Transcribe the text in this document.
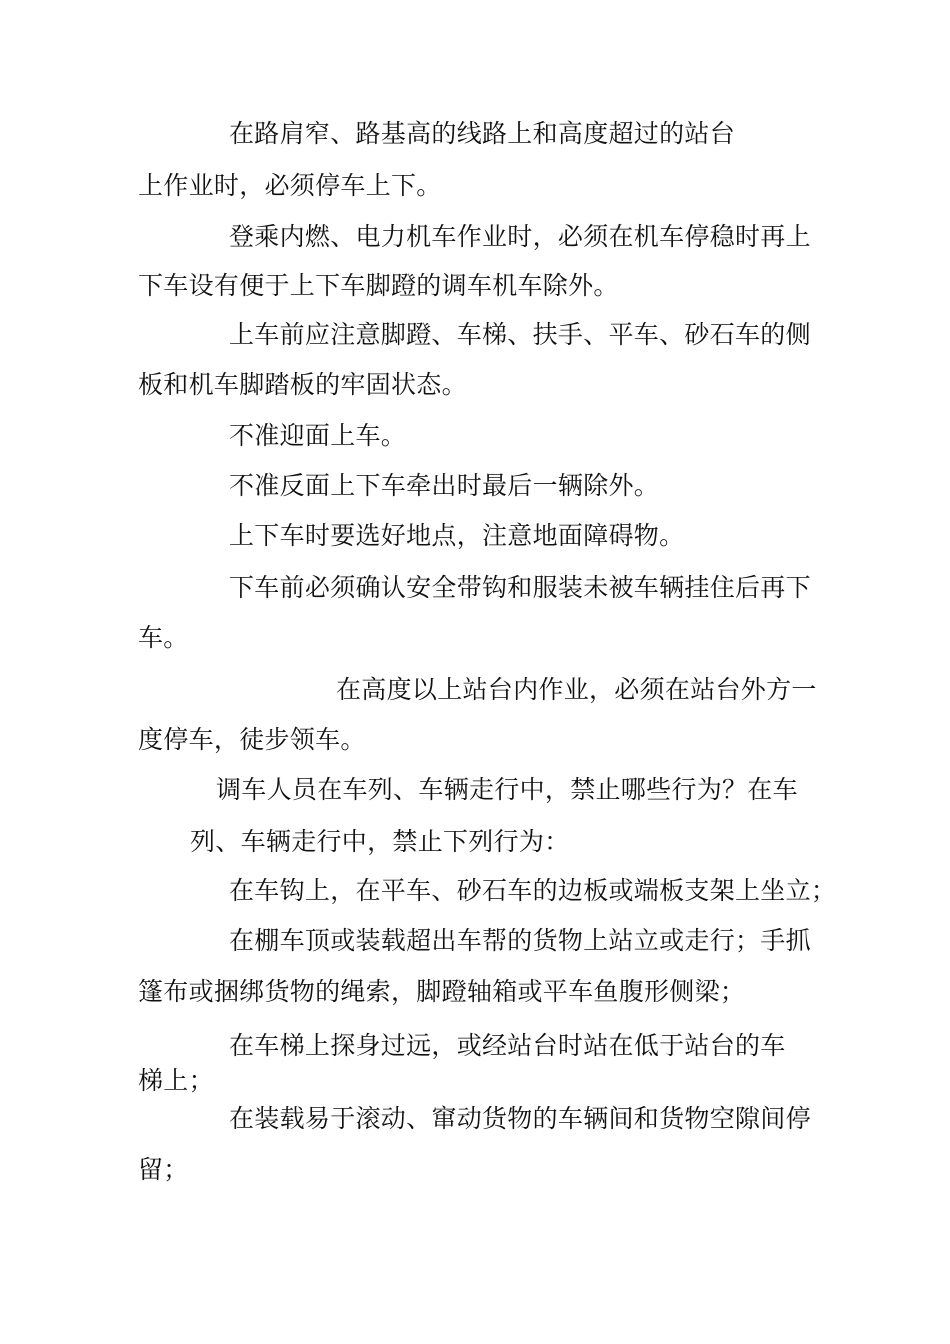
在路肩窄、路基高的线路上和高度超过的站台
上作业时，必须停车上下。
登乘内燃、电力机车作业时，必须在机车停稳时再上
下车设有便于上下车脚蹬的调车机车除外。
上车前应注意脚蹬、车梯、扶手、平车、砂石车的侧
板和机车脚踏板的牢固状态。
不准迎面上车。
不准反面上下车牵出时最后一辆除外。
上下车时要选好地点，注意地面障碍物。
下车前必须确认安全带钩和服装未被车辆挂住后再下
车。
在高度以上站台内作业，必须在站台外方一
度停车，徒步领车。
调车人员在车列、车辆走行中，禁止哪些行为？在车
列、车辆走行中，禁止下列行为：
在车钩上，在平车、砂石车的边板或端板支架上坐立；
在棚车顶或装载超出车帮的货物上站立或走行；手抓
篷布或捆绑货物的绳索，脚蹬轴箱或平车鱼腹形侧梁；
在车梯上探身过远，或经站台时站在低于站台的车
梯上；
在装载易于滚动、窜动货物的车辆间和货物空隙间停
留；
